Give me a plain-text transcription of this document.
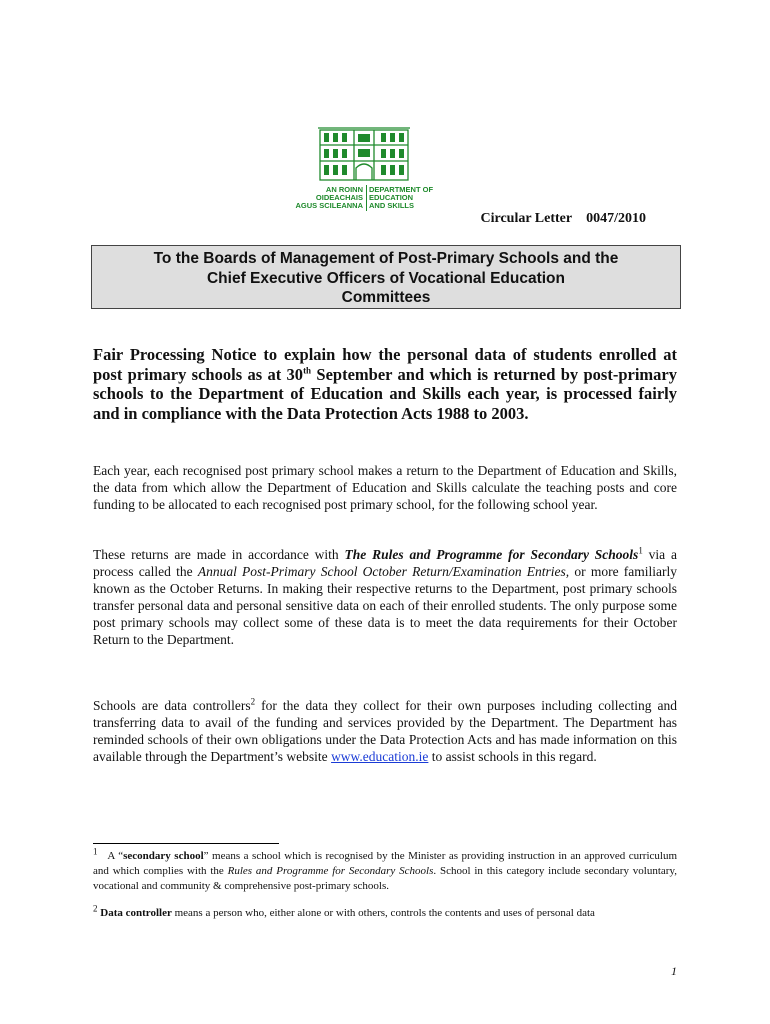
AN ROINN
OIDEACHAIS
AGUS SCILEANNA
DEPARTMENT OF
EDUCATION
AND SKILLS
Circular Letter 0047/2010
To the Boards of Management of Post-Primary Schools and the
Chief Executive Officers of Vocational Education
Committees
Fair Processing Notice to explain how the personal data of students enrolled at post primary schools as at 30th September and which is returned by post-primary schools to the Department of Education and Skills each year, is processed fairly and in compliance with the Data Protection Acts 1988 to 2003.
Each year, each recognised post primary school makes a return to the Department of Education and Skills, the data from which allow the Department of Education and Skills calculate the teaching posts and core funding to be allocated to each recognised post primary school, for the following school year.
These returns are made in accordance with The Rules and Programme for Secondary Schools$^1$ via a process called the Annual Post-Primary School October Return/Examination Entries, or more familiarly known as the October Returns. In making their respective returns to the Department, post primary schools transfer personal data and personal sensitive data on each of their enrolled students. The only purpose some post primary schools may collect some of these data is to meet the data requirements for their October Return to the Department.
Schools are data controllers$^2$ for the data they collect for their own purposes including collecting and transferring data to avail of the funding and services provided by the Department. The Department has reminded schools of their own obligations under the Data Protection Acts and has made information on this available through the Department’s website www.education.ie to assist schools in this regard.
$^1$ A “secondary school” means a school which is recognised by the Minister as providing instruction in an approved curriculum and which complies with the Rules and Programme for Secondary Schools. School in this category include secondary voluntary, vocational and community & comprehensive post-primary schools.
$^2$ Data controller means a person who, either alone or with others, controls the contents and uses of personal data
1
